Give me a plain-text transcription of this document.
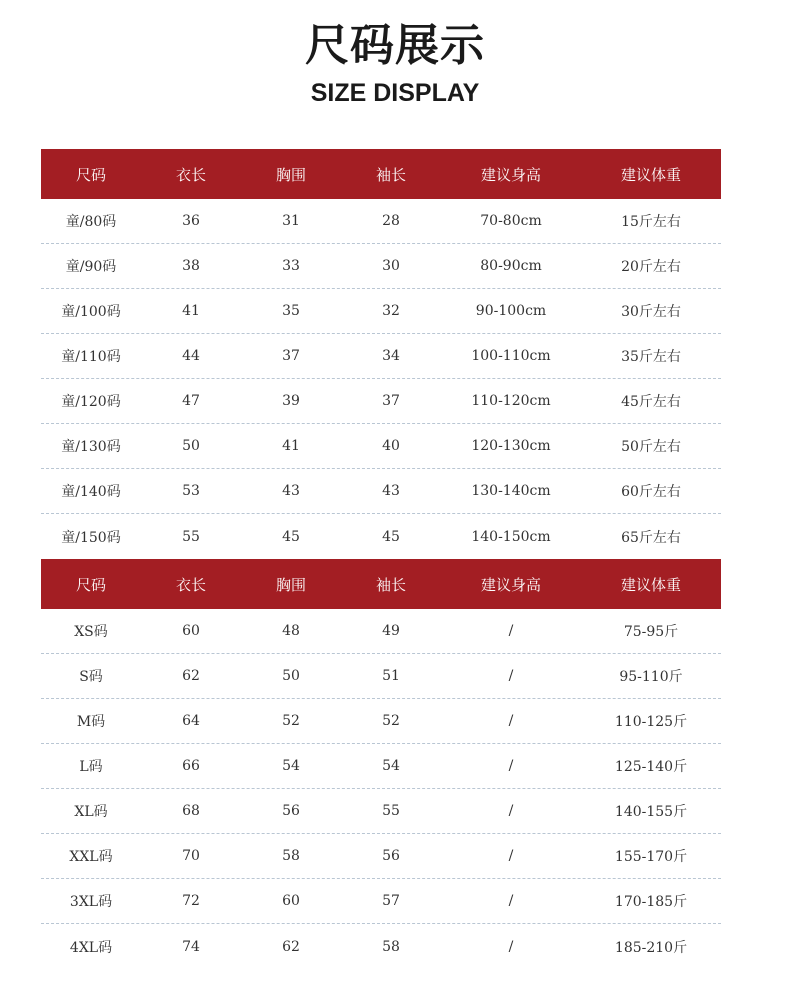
尺码展示
SIZE DISPLAY
尺码	衣长	胸围	袖长	建议身高	建议体重
童/80码	36	31	28	70-80cm	15斤左右
童/90码	38	33	30	80-90cm	20斤左右
童/100码	41	35	32	90-100cm	30斤左右
童/110码	44	37	34	100-110cm	35斤左右
童/120码	47	39	37	110-120cm	45斤左右
童/130码	50	41	40	120-130cm	50斤左右
童/140码	53	43	43	130-140cm	60斤左右
童/150码	55	45	45	140-150cm	65斤左右
尺码	衣长	胸围	袖长	建议身高	建议体重
XS码	60	48	49	/	75-95斤
S码	62	50	51	/	95-110斤
M码	64	52	52	/	110-125斤
L码	66	54	54	/	125-140斤
XL码	68	56	55	/	140-155斤
XXL码	70	58	56	/	155-170斤
3XL码	72	60	57	/	170-185斤
4XL码	74	62	58	/	185-210斤
